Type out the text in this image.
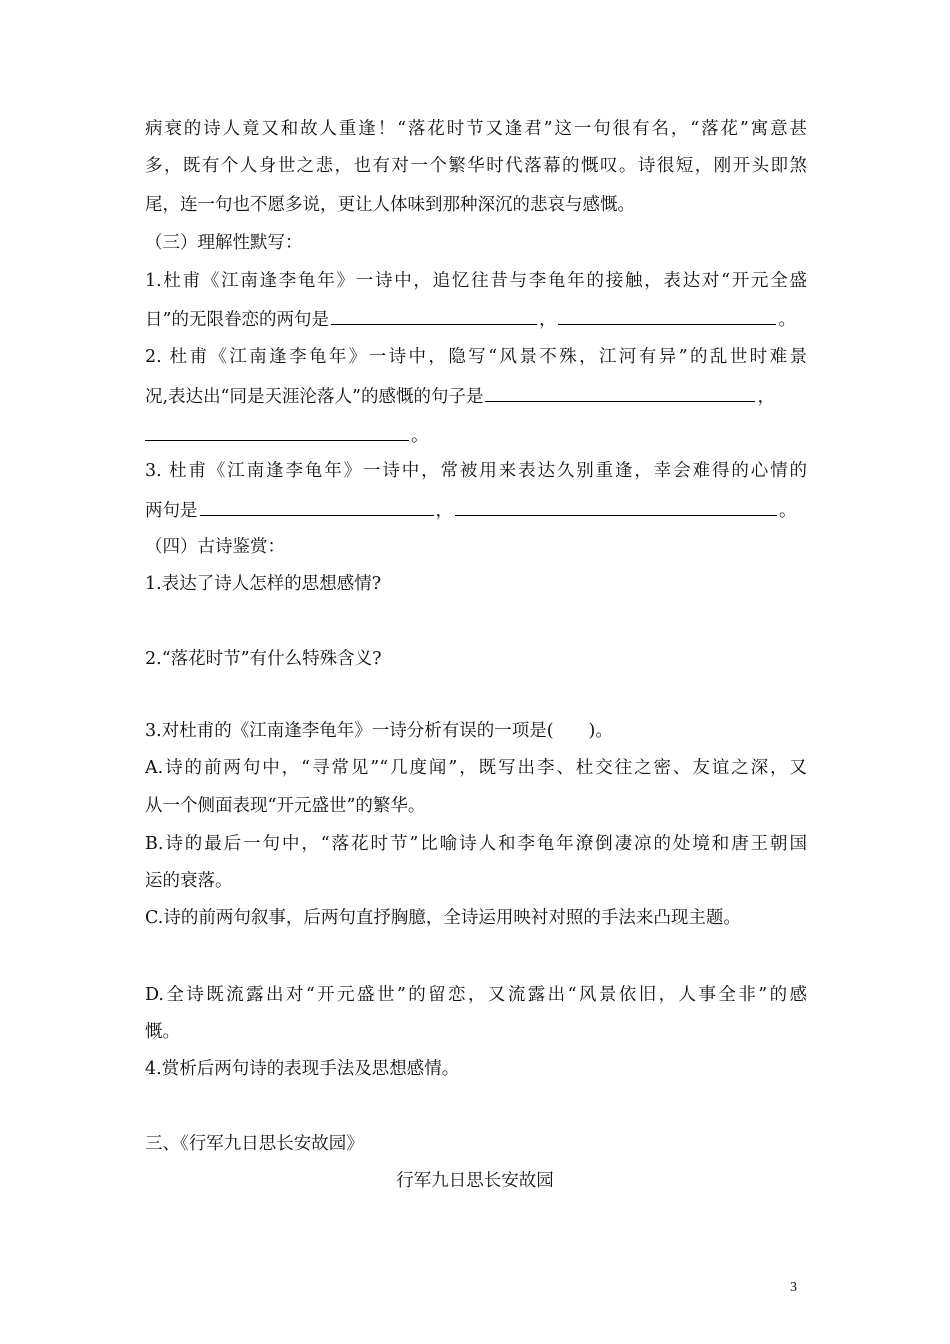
病衰的诗人竟又和故人重逢！“落花时节又逢君”这一句很有名，“落花”寓意甚
多，既有个人身世之悲，也有对一个繁华时代落幕的慨叹。诗很短，刚开头即煞
尾，连一句也不愿多说，更让人体味到那种深沉的悲哀与感慨。
（三）理解性默写：
1.杜甫《江南逢李龟年》一诗中，追忆往昔与李龟年的接触，表达对“开元全盛
日”的无限眷恋的两句是	，	。
2. 杜甫《江南逢李龟年》一诗中，隐写“风景不殊，江河有异”的乱世时难景
况,表达出“同是天涯沦落人”的感慨的句子是	，
。
3. 杜甫《江南逢李龟年》一诗中，常被用来表达久别重逢，幸会难得的心情的
两句是	，	。
（四）古诗鉴赏：
1.表达了诗人怎样的思想感情?
2.“落花时节”有什么特殊含义?
3.对杜甫的《江南逢李龟年》一诗分析有误的一项是(　　)。
A.诗的前两句中，“寻常见”“几度闻”，既写出李、杜交往之密、友谊之深，又
从一个侧面表现“开元盛世”的繁华。
B.诗的最后一句中，“落花时节”比喻诗人和李龟年潦倒凄凉的处境和唐王朝国
运的衰落。
C.诗的前两句叙事，后两句直抒胸臆，全诗运用映衬对照的手法来凸现主题。
D.全诗既流露出对“开元盛世”的留恋，又流露出“风景依旧，人事全非”的感
慨。
4.赏析后两句诗的表现手法及思想感情。
三、《行军九日思长安故园》
行军九日思长安故园
3
